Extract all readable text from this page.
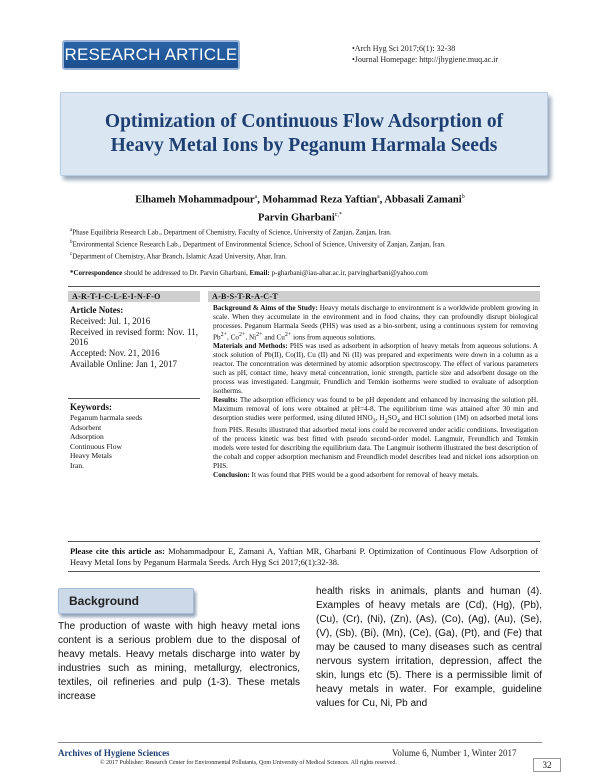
RESEARCH ARTICLE	•Arch Hyg Sci 2017;6(1): 32-38
•Journal Homepage: http://jhygiene.muq.ac.ir
Optimization of Continuous Flow Adsorption of
Heavy Metal Ions by Peganum Harmala Seeds
Elhameh Mohammadpour$^a$, Mohammad Reza Yaftian$^a$, Abbasali Zamani$^b$
Parvin Gharbani$^{c,*}$
$^a$Phase Equilibria Research Lab., Department of Chemistry, Faculty of Science, University of Zanjan, Zanjan, Iran.
$^b$Environmental Science Research Lab., Department of Environmental Science, School of Science, University of Zanjan, Zanjan, Iran.
$^c$Department of Chemistry, Ahar Branch, Islamic Azad University, Ahar, Iran.
*Correspondence should be addressed to Dr. Parvin Gharbani, Email: p-gharbani@iau-ahar.ac.ir, parvingharbani@yahoo.com
A-R-T-I-C-L-E-I-N-F-O	A-B-S-T-R-A-C-T
Article Notes:
Received: Jul. 1, 2016
Received in revised form: Nov. 11, 2016
Accepted: Nov. 21, 2016
Available Online: Jan 1, 2017
Keywords:
Peganum harmala seeds
Adsorbent
Adsorption
Continuous Flow
Heavy Metals
Iran.

Background & Aims of the Study: Heavy metals discharge to environment is a worldwide problem growing in scale. When they accumulate in the environment and in food chains, they can profoundly disrupt biological processes. Peganum Harmala Seeds (PHS) was used as a bio-sorbent, using a continuous system for removing $Pb^{2+}$, $Co^{2+}$, $Ni^{2+}$ and $Cu^{2+}$ ions from aqueous solutions.

Materials and Methods: PHS was used as adsorbent in adsorption of heavy metals from aqueous solutions. A stock solution of Pb(II), Co(II), Cu (II) and Ni (II) was prepared and experiments were down in a column as a reactor. The concentration was determined by atomic adsorption spectroscopy. The effect of various parameters such as pH, contact time, heavy metal concentration, ionic strength, particle size and adsorbent dosage on the process was investigated. Langmuir, Frundlich and Temkin isotherms were studied to evaluate of adsorption isotherms.

Results: The adsorption efficiency was found to be pH dependent and enhanced by increasing the solution pH. Maximum removal of ions were obtained at pH=4-8. The equilibrium time was attained after 30 min and desorption studies were performed, using diluted $HNO_3$, $H_2SO_4$ and HCl solution (1M) on adsorbed metal ions from PHS. Results illustrated that adsorbed metal ions could be recovered under acidic conditions. Investigation of the process kinetic was best fitted with pseudo second-order model. Langmuir, Freundlich and Temkin models were tested for describing the equilibrium data. The Langmuir isotherm illustrated the best description of the cobalt and copper adsorption mechanism and Freundlich model describes lead and nickel ions adsorption on PHS.

Conclusion: It was found that PHS would be a good adsorbent for removal of heavy metals.

Please cite this article as: Mohammadpour E, Zamani A, Yaftian MR, Gharbani P. Optimization of Continuous Flow Adsorption of Heavy Metal Ions by Peganum Harmala Seeds. Arch Hyg Sci 2017;6(1):32-38.
Background
The production of waste with high heavy metal ions content is a serious problem due to the disposal of heavy metals. Heavy metals discharge into water by industries such as mining, metallurgy, electronics, textiles, oil refineries and pulp (1-3). These metals increase
health risks in animals, plants and human (4). Examples of heavy metals are (Cd), (Hg), (Pb), (Cu), (Cr), (Ni), (Zn), (As), (Co), (Ag), (Au), (Se), (V), (Sb), (Bi), (Mn), (Ce), (Ga), (Pt), and (Fe) that may be caused to many diseases such as central nervous system irritation, depression, affect the skin, lungs etc (5). There is a permissible limit of heavy metals in water. For example, guideline values for Cu, Ni, Pb and
Archives of Hygiene Sciences	Volume 6, Number 1, Winter 2017
© 2017 Publisher: Research Center for Environmental Pollutants, Qom University of Medical Sciences. All rights reserved.	32
